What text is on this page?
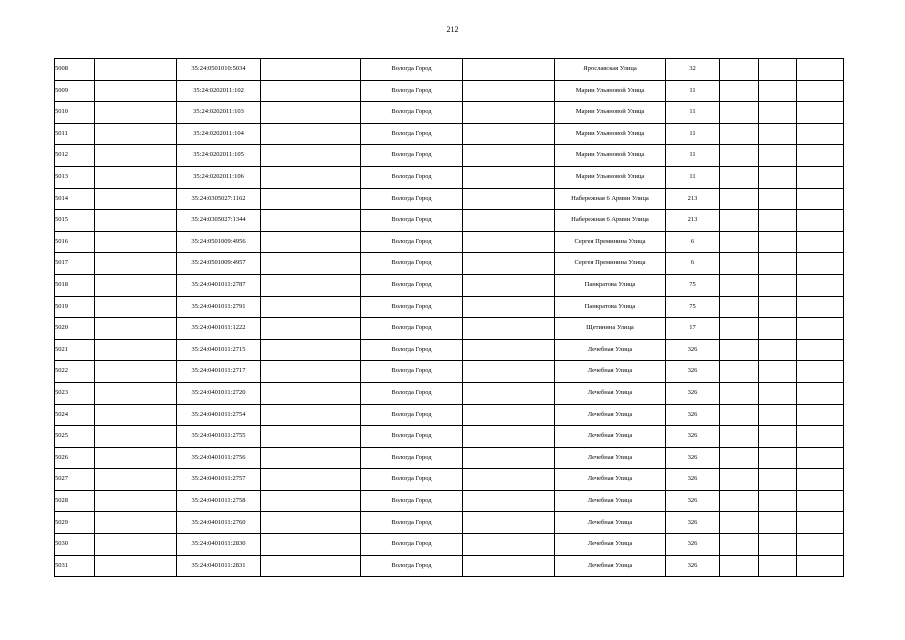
212
5008		35:24:0501010:5034		Вологда Город		Ярославская Улица	32			
5009		35:24:0202011:102		Вологда Город		Марии Ульяновой Улица	11			
5010		35:24:0202011:103		Вологда Город		Марии Ульяновой Улица	11			
5011		35:24:0202011:104		Вологда Город		Марии Ульяновой Улица	11			
5012		35:24:0202011:105		Вологда Город		Марии Ульяновой Улица	11			
5013		35:24:0202011:106		Вологда Город		Марии Ульяновой Улица	11			
5014		35:24:0305027:1162		Вологда Город		Набережная 6 Армии Улица	213			
5015		35:24:0305027:1344		Вологда Город		Набережная 6 Армии Улица	213			
5016		35:24:0501009:4956		Вологда Город		Сергея Преминина Улица	6			
5017		35:24:0501009:4957		Вологда Город		Сергея Преминина Улица	6			
5018		35:24:0401011:2787		Вологда Город		Панкратова Улица	75			
5019		35:24:0401011:2791		Вологда Город		Панкратова Улица	75			
5020		35:24:0401011:1222		Вологда Город		Щетинина Улица	17			
5021		35:24:0401011:2715		Вологда Город		Лечебная Улица	326			
5022		35:24:0401011:2717		Вологда Город		Лечебная Улица	326			
5023		35:24:0401011:2720		Вологда Город		Лечебная Улица	326			
5024		35:24:0401011:2754		Вологда Город		Лечебная Улица	326			
5025		35:24:0401011:2755		Вологда Город		Лечебная Улица	326			
5026		35:24:0401011:2756		Вологда Город		Лечебная Улица	326			
5027		35:24:0401011:2757		Вологда Город		Лечебная Улица	326			
5028		35:24:0401011:2758		Вологда Город		Лечебная Улица	326			
5029		35:24:0401011:2760		Вологда Город		Лечебная Улица	326			
5030		35:24:0401011:2830		Вологда Город		Лечебная Улица	326			
5031		35:24:0401011:2831		Вологда Город		Лечебная Улица	326			
